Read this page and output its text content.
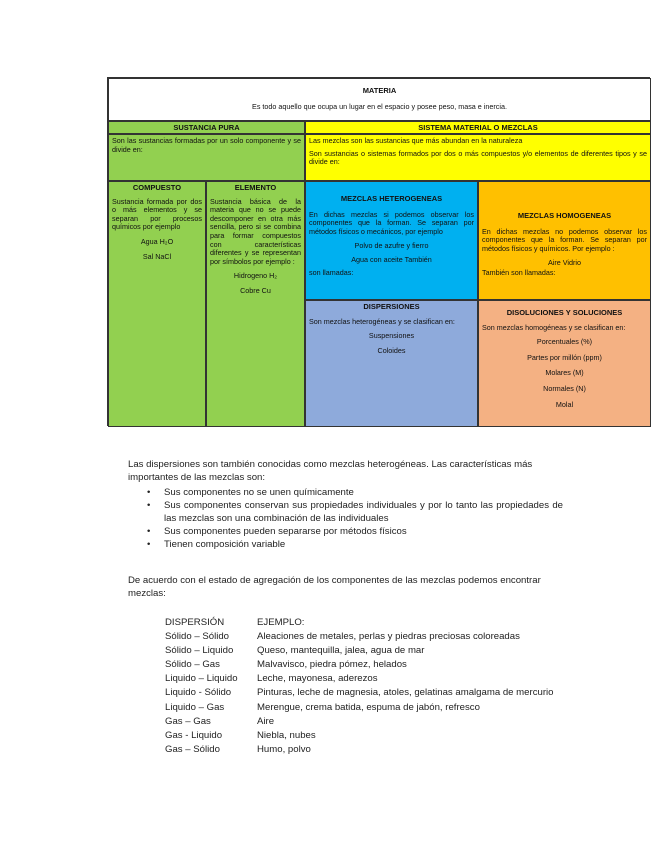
MATERIA
Es todo aquello que ocupa un lugar en el espacio y posee peso, masa e inercia.
SUSTANCIA PURA
Son las sustancias formadas por un solo componente y se divide en:
SISTEMA MATERIAL O MEZCLAS
Las mezclas son las sustancias que más abundan en la naturaleza
Son sustancias o sistemas formados por dos o más compuestos y/o elementos de diferentes tipos y se divide en:
COMPUESTO
Sustancia formada por dos o más elementos y se separan por procesos químicos por ejemplo
Agua H₂O
Sal NaCl
ELEMENTO
Sustancia básica de la materia que no se puede descomponer en otra más sencilla, pero si se combina para formar compuestos con características diferentes y se representan por símbolos por ejemplo :
Hidrogeno H₂
Cobre Cu
MEZCLAS HETEROGENEAS
En dichas mezclas si podemos observar los componentes que la forman. Se separan por métodos físicos o mecánicos, por ejemplo
Polvo de azufre y fierro
Agua con aceite También
son llamadas:
MEZCLAS HOMOGENEAS
En dichas mezclas no podemos observar los componentes que la forman. Se separan por métodos físicos y químicos. Por ejemplo :
Aire Vidrio
También son llamadas:
DISPERSIONES
Son mezclas heterogéneas y se clasifican en:
Suspensiones
Coloides
DISOLUCIONES Y SOLUCIONES
Son mezclas homogéneas y se clasifican en:
Porcentuales (%)
Partes por millón (ppm)
Molares (M)
Normales (N)
Molal
Las dispersiones son también conocidas como mezclas heterogéneas. Las características más importantes de las mezclas son:
•	Sus componentes no se unen químicamente
•	Sus componentes conservan sus propiedades individuales y por lo tanto las propiedades de las mezclas son una combinación de las individuales
•	Sus componentes pueden separarse por métodos físicos
•	Tienen composición variable
De acuerdo con el estado de agregación de los componentes de las mezclas podemos encontrar mezclas:
DISPERSIÓN	EJEMPLO:
Sólido – Sólido	Aleaciones de metales, perlas y piedras preciosas coloreadas
Sólido – Liquido	Queso, mantequilla, jalea, agua de mar
Sólido – Gas	Malvavisco, piedra pómez, helados
Liquido – Liquido	Leche, mayonesa, aderezos
Liquido - Sólido	Pinturas, leche de magnesia, atoles, gelatinas amalgama de mercurio
Liquido – Gas	Merengue, crema batida, espuma de jabón, refresco
Gas – Gas	Aire
Gas - Liquido	Niebla, nubes
Gas – Sólido	Humo, polvo
